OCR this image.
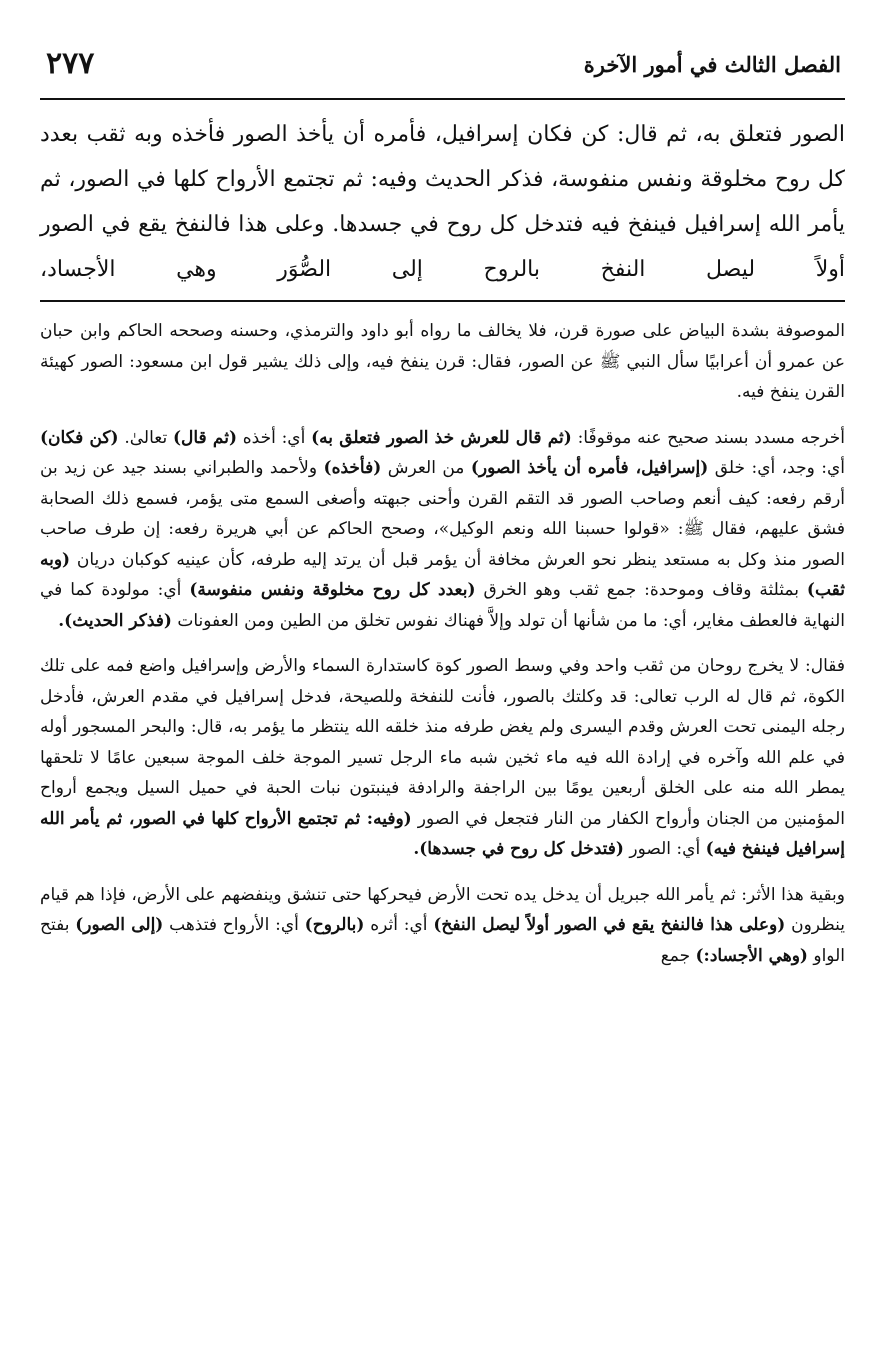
الفصل الثالث في أمور الآخرة
٢٧٧

الصور فتعلق به، ثم قال: كن فكان إسرافيل، فأمره أن يأخذ الصور فأخذه وبه ثقب بعدد كل روح مخلوقة ونفس منفوسة، فذكر الحديث وفيه: ثم تجتمع الأرواح كلها في الصور، ثم يأمر الله إسرافيل فينفخ فيه فتدخل كل روح في جسدها. وعلى هذا فالنفخ يقع في الصور أولاً ليصل النفخ بالروح إلى الصُّوَر وهي الأجساد،

الموصوفة بشدة البياض على صورة قرن، فلا يخالف ما رواه أبو داود والترمذي، وحسنه وصححه الحاكم وابن حبان عن عمرو أن أعرابيًا سأل النبي ﷺ عن الصور، فقال: قرن ينفخ فيه، وإلى ذلك يشير قول ابن مسعود: الصور كهيئة القرن ينفخ فيه.

أخرجه مسدد بسند صحيح عنه موقوفًا: (ثم قال للعرش خذ الصور فتعلق به) أي: أخذه (ثم قال) تعالىٰ. (كن فكان) أي: وجد، أي: خلق (إسرافيل، فأمره أن يأخذ الصور) من العرش (فأخذه) ولأحمد والطبراني بسند جيد عن زيد بن أرقم رفعه: كيف أنعم وصاحب الصور قد التقم القرن وأحنى جبهته وأصغى السمع متى يؤمر، فسمع ذلك الصحابة فشق عليهم، فقال ﷺ: «قولوا حسبنا الله ونعم الوكيل»، وصحح الحاكم عن أبي هريرة رفعه: إن طرف صاحب الصور منذ وكل به مستعد ينظر نحو العرش مخافة أن يؤمر قبل أن يرتد إليه طرفه، كأن عينيه كوكبان دريان (وبه ثقب) بمثلثة وقاف وموحدة: جمع ثقب وهو الخرق (بعدد كل روح مخلوقة ونفس منفوسة) أي: مولودة كما في النهاية فالعطف مغاير، أي: ما من شأنها أن تولد وإلاَّ فهناك نفوس تخلق من الطين ومن العفونات (فذكر الحديث).

فقال: لا يخرج روحان من ثقب واحد وفي وسط الصور كوة كاستدارة السماء والأرض وإسرافيل واضع فمه على تلك الكوة، ثم قال له الرب تعالى: قد وكلتك بالصور، فأنت للنفخة وللصيحة، فدخل إسرافيل في مقدم العرش، فأدخل رجله اليمنى تحت العرش وقدم اليسرى ولم يغض طرفه منذ خلقه الله ينتظر ما يؤمر به، قال: والبحر المسجور أوله في علم الله وآخره في إرادة الله فيه ماء ثخين شبه ماء الرجل تسير الموجة خلف الموجة سبعين عامًا لا تلحقها يمطر الله منه على الخلق أربعين يومًا بين الراجفة والرادفة فينبتون نبات الحبة في حميل السيل ويجمع أرواح المؤمنين من الجنان وأرواح الكفار من النار فتجعل في الصور (وفيه: ثم تجتمع الأرواح كلها في الصور، ثم يأمر الله إسرافيل فينفخ فيه) أي: الصور (فتدخل كل روح في جسدها).

وبقية هذا الأثر: ثم يأمر الله جبريل أن يدخل يده تحت الأرض فيحركها حتى تنشق وينفضهم على الأرض، فإذا هم قيام ينظرون (وعلى هذا فالنفخ يقع في الصور أولاً ليصل النفخ) أي: أثره (بالروح) أي: الأرواح فتذهب (إلى الصور) بفتح الواو (وهي الأجساد:) جمع
